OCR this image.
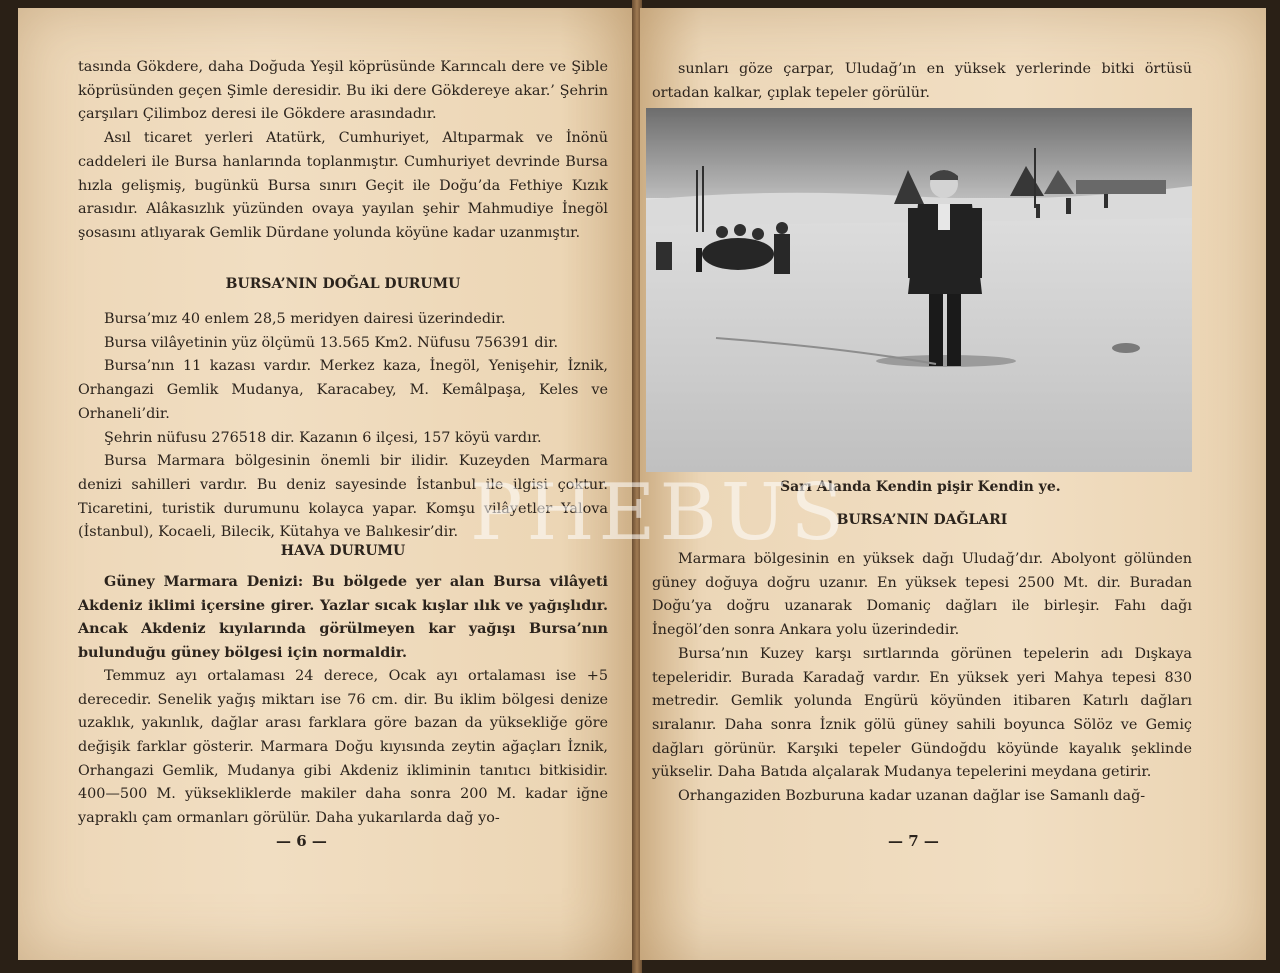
tasında Gökdere, daha Doğuda Yeşil köprüsünde Karıncalı dere ve Şible köprüsünden geçen Şimle deresidir. Bu iki dere Gökdereye akar.’ Şehrin çarşıları Çilimboz deresi ile Gökdere arasındadır.

Asıl ticaret yerleri Atatürk, Cumhuriyet, Altıparmak ve İnönü caddeleri ile Bursa hanlarında toplanmıştır. Cumhuriyet devrinde Bursa hızla gelişmiş, bugünkü Bursa sınırı Geçit ile Doğu’da Fethiye Kızık arasıdır. Alâkasızlık yüzünden ovaya yayılan şehir Mahmudiye İnegöl şosasını atlıyarak Gemlik Dürdane yolunda köyüne kadar uzanmıştır.

BURSA’NIN DOĞAL DURUMU

Bursa’mız 40 enlem 28,5 meridyen dairesi üzerindedir.

Bursa vilâyetinin yüz ölçümü 13.565 Km2. Nüfusu 756391 dir.

Bursa’nın 11 kazası vardır. Merkez kaza, İnegöl, Yenişehir, İznik, Orhangazi Gemlik Mudanya, Karacabey, M. Kemâlpaşa, Keles ve Orhaneli’dir.

Şehrin nüfusu 276518 dir. Kazanın 6 ilçesi, 157 köyü vardır.

Bursa Marmara bölgesinin önemli bir ilidir. Kuzeyden Marmara denizi sahilleri vardır. Bu deniz sayesinde İstanbul ile ilgisi çoktur. Ticaretini, turistik durumunu kolayca yapar. Komşu vilâyetler Yalova (İstanbul), Kocaeli, Bilecik, Kütahya ve Balıkesir’dir.

HAVA DURUMU

Güney Marmara Denizi: Bu bölgede yer alan Bursa vilâyeti Akdeniz iklimi içersine girer. Yazlar sıcak kışlar ılık ve yağışlıdır. Ancak Akdeniz kıyılarında görülmeyen kar yağışı Bursa’nın bulunduğu güney bölgesi için normaldir.

Temmuz ayı ortalaması 24 derece, Ocak ayı ortalaması ise +5 derecedir. Senelik yağış miktarı ise 76 cm. dir. Bu iklim bölgesi denize uzaklık, yakınlık, dağlar arası farklara göre bazan da yüksekliğe göre değişik farklar gösterir. Marmara Doğu kıyısında zeytin ağaçları İznik, Orhangazi Gemlik, Mudanya gibi Akdeniz ikliminin tanıtıcı bitkisidir. 400—500 M. yüksekliklerde makiler daha sonra 200 M. kadar iğne yapraklı çam ormanları görülür. Daha yukarılarda dağ yo-

— 6 —

sunları göze çarpar, Uludağ’ın en yüksek yerlerinde bitki örtüsü ortadan kalkar, çıplak tepeler görülür.

Sarı Alanda Kendin pişir Kendin ye.
BURSA’NIN DAĞLARI

Marmara bölgesinin en yüksek dağı Uludağ’dır. Abolyont gölünden güney doğuya doğru uzanır. En yüksek tepesi 2500 Mt. dir. Buradan Doğu’ya doğru uzanarak Domaniç dağları ile birleşir. Fahı dağı İnegöl’den sonra Ankara yolu üzerindedir.

Bursa’nın Kuzey karşı sırtlarında görünen tepelerin adı Dışkaya tepeleridir. Burada Karadağ vardır. En yüksek yeri Mahya tepesi 830 metredir. Gemlik yolunda Engürü köyünden itibaren Katırlı dağları sıralanır. Daha sonra İznik gölü güney sahili boyunca Sölöz ve Gemiç dağları görünür. Karşıki tepeler Gündoğdu köyünde kayalık şeklinde yükselir. Daha Batıda alçalarak Mudanya tepelerini meydana getirir.

Orhangaziden Bozburuna kadar uzanan dağlar ise Samanlı dağ-

— 7 —
PHEBUS
